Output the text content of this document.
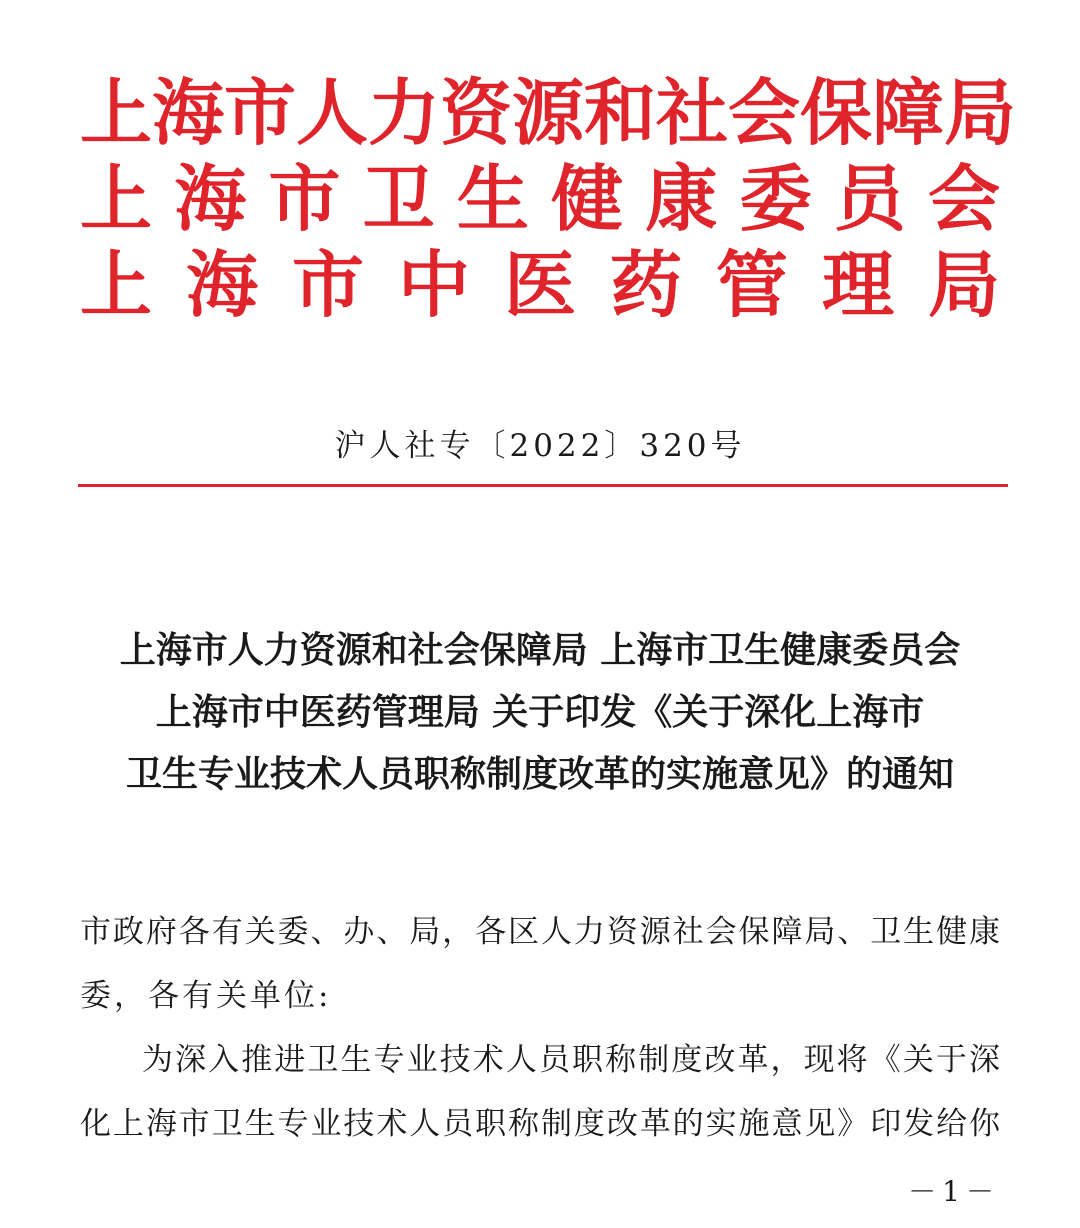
上海市人力资源和社会保障局
上海市卫生健康委员会
上海市中医药管理局
沪人社专〔2022〕320号
上海市人力资源和社会保障局 上海市卫生健康委员会
上海市中医药管理局 关于印发《关于深化上海市
卫生专业技术人员职称制度改革的实施意见》的通知
市政府各有关委、办、局，各区人力资源社会保障局、卫生健康
委，各有关单位:
为深入推进卫生专业技术人员职称制度改革，现将《关于深
化上海市卫生专业技术人员职称制度改革的实施意见》印发给你
－1－
